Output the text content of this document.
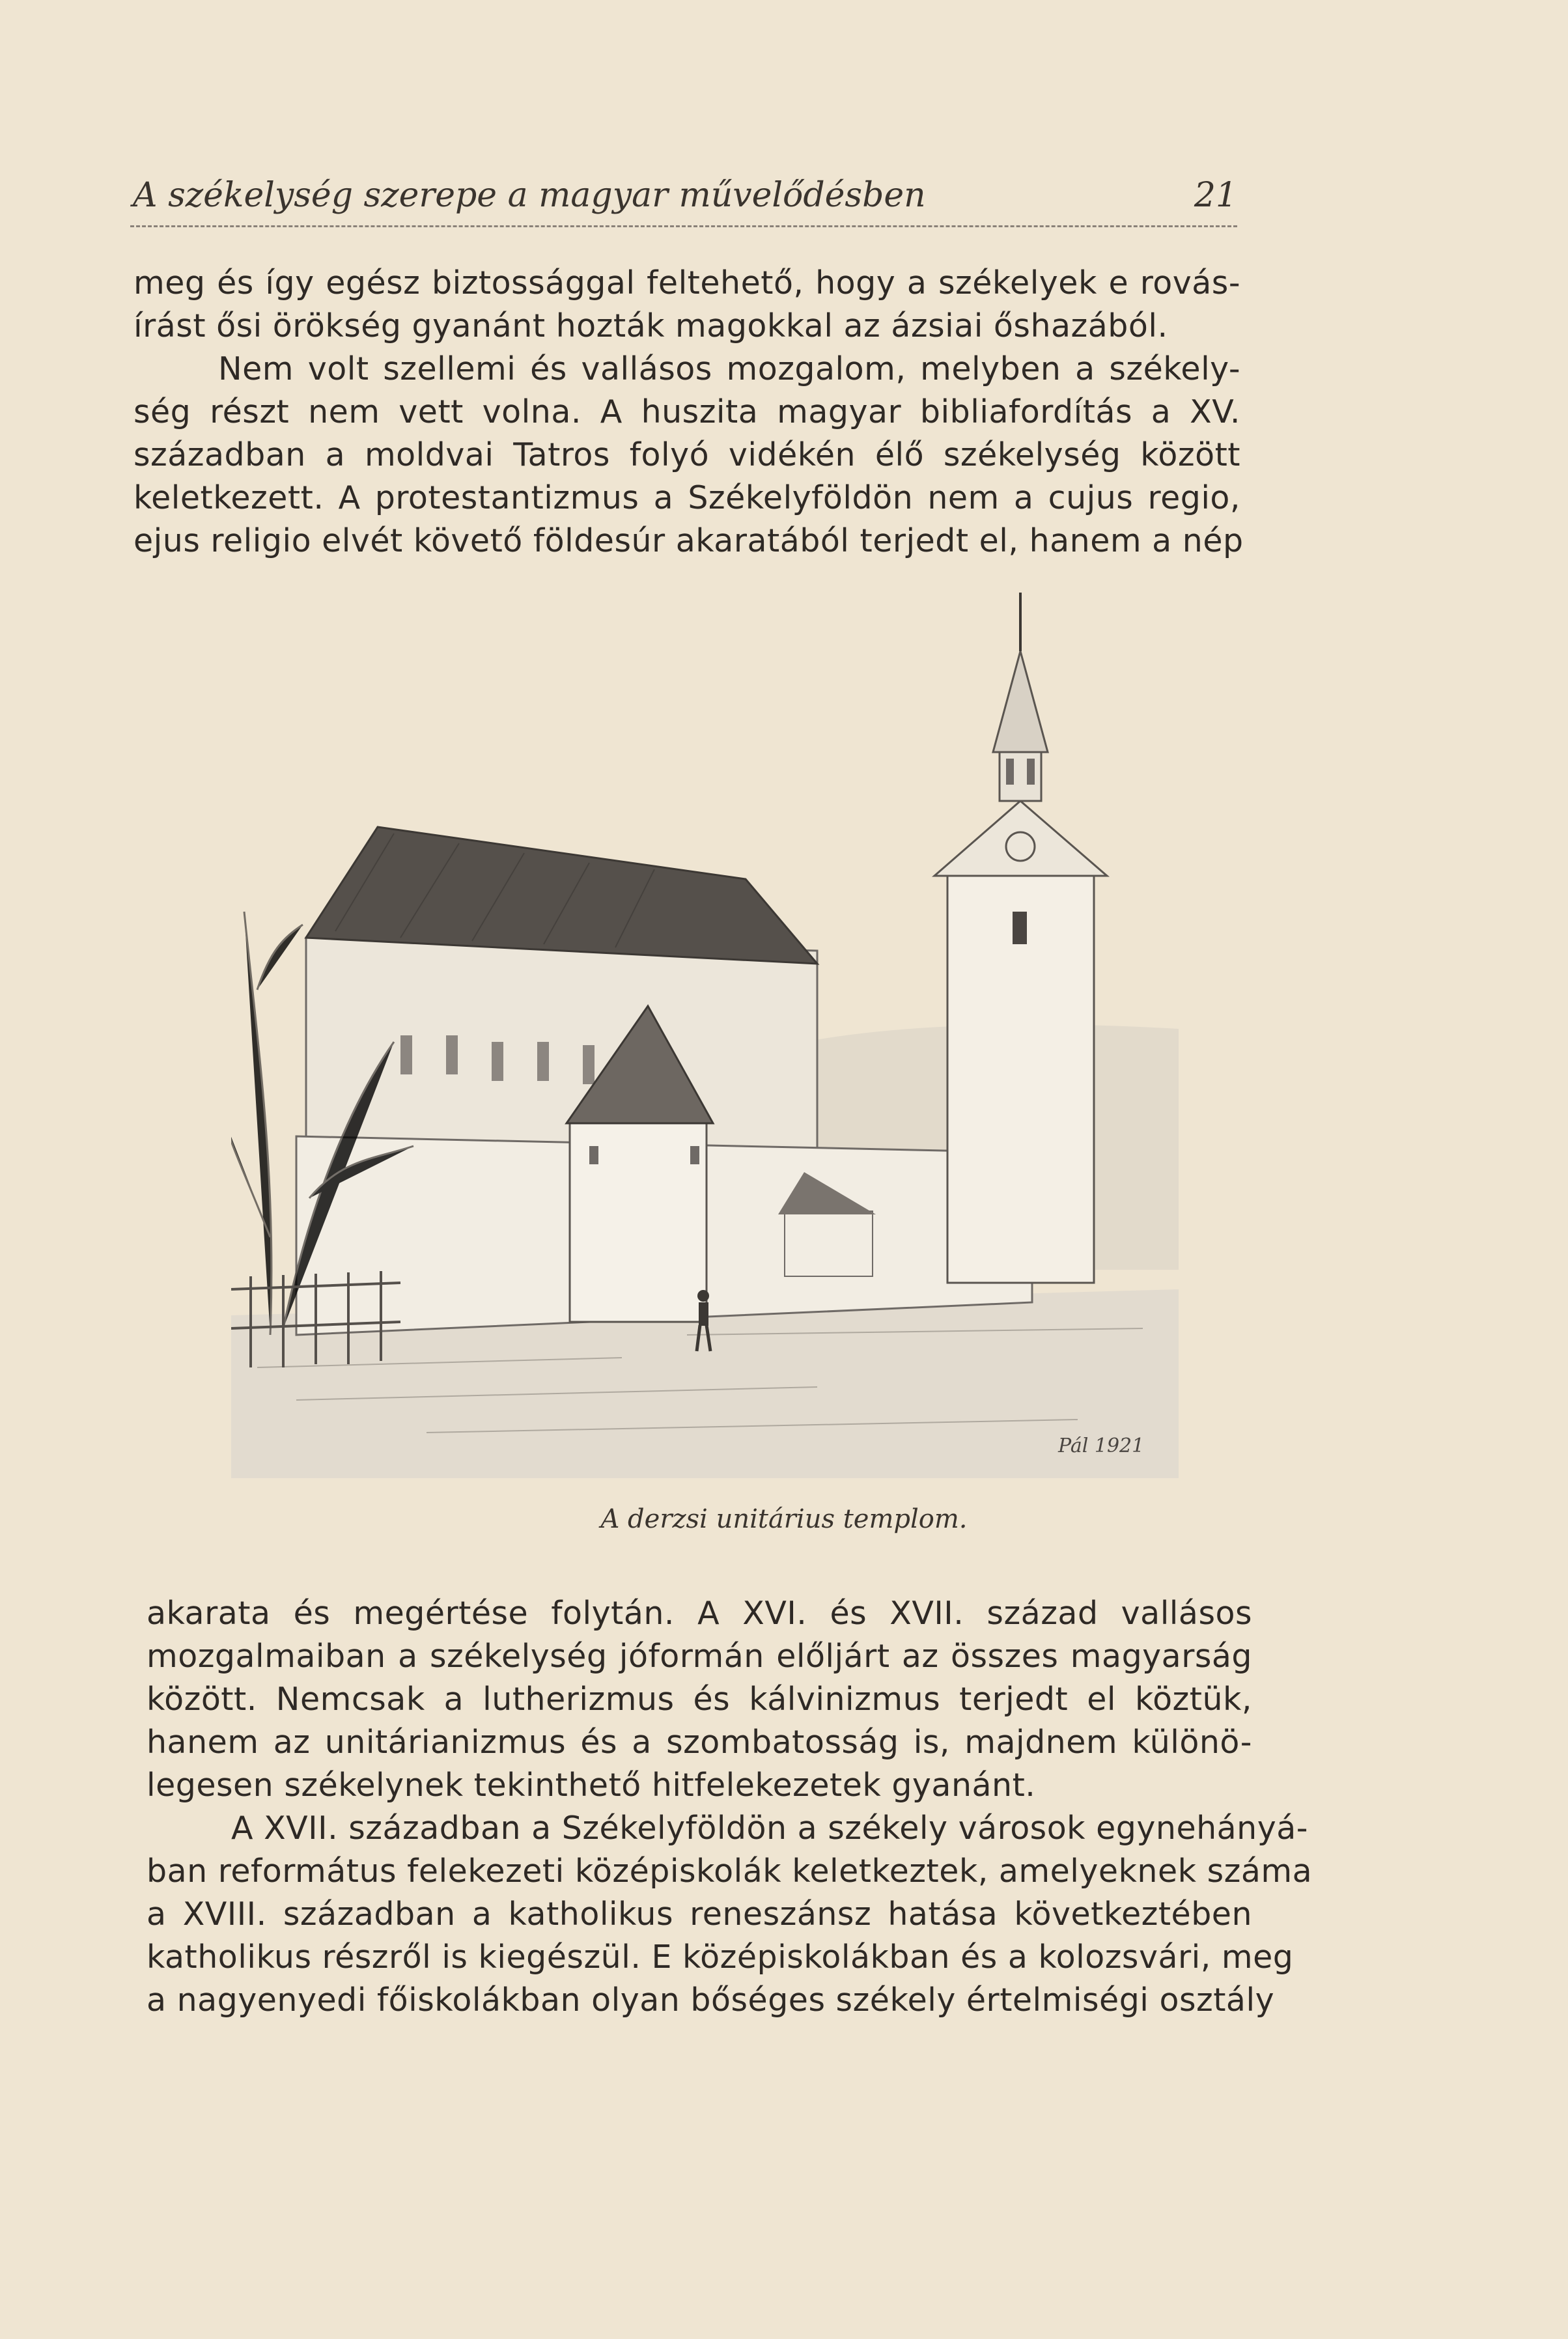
A székelység szerepe a magyar művelődésben	21
meg és így egész biztossággal feltehető, hogy a székelyek e rovás-
írást ősi örökség gyanánt hozták magokkal az ázsiai őshazából.
Nem volt szellemi és vallásos mozgalom, melyben a székely-
ség részt nem vett volna. A huszita magyar bibliafordítás a XV.
században a moldvai Tatros folyó vidékén élő székelység között
keletkezett. A protestantizmus a Székelyföldön nem a cujus regio,
ejus religio elvét követő földesúr akaratából terjedt el, hanem a nép
Pál 1921
A derzsi unitárius templom.
akarata és megértése folytán. A XVI. és XVII. század vallásos
mozgalmaiban a székelység jóformán előljárt az összes magyarság
között. Nemcsak a lutherizmus és kálvinizmus terjedt el köztük,
hanem az unitárianizmus és a szombatosság is, majdnem különö-
legesen székelynek tekinthető hitfelekezetek gyanánt.
A XVII. században a Székelyföldön a székely városok egynehányá-
ban református felekezeti középiskolák keletkeztek, amelyeknek száma
a XVIII. században a katholikus reneszánsz hatása következtében
katholikus részről is kiegészül. E középiskolákban és a kolozsvári, meg
a nagyenyedi főiskolákban olyan bőséges székely értelmiségi osztály
